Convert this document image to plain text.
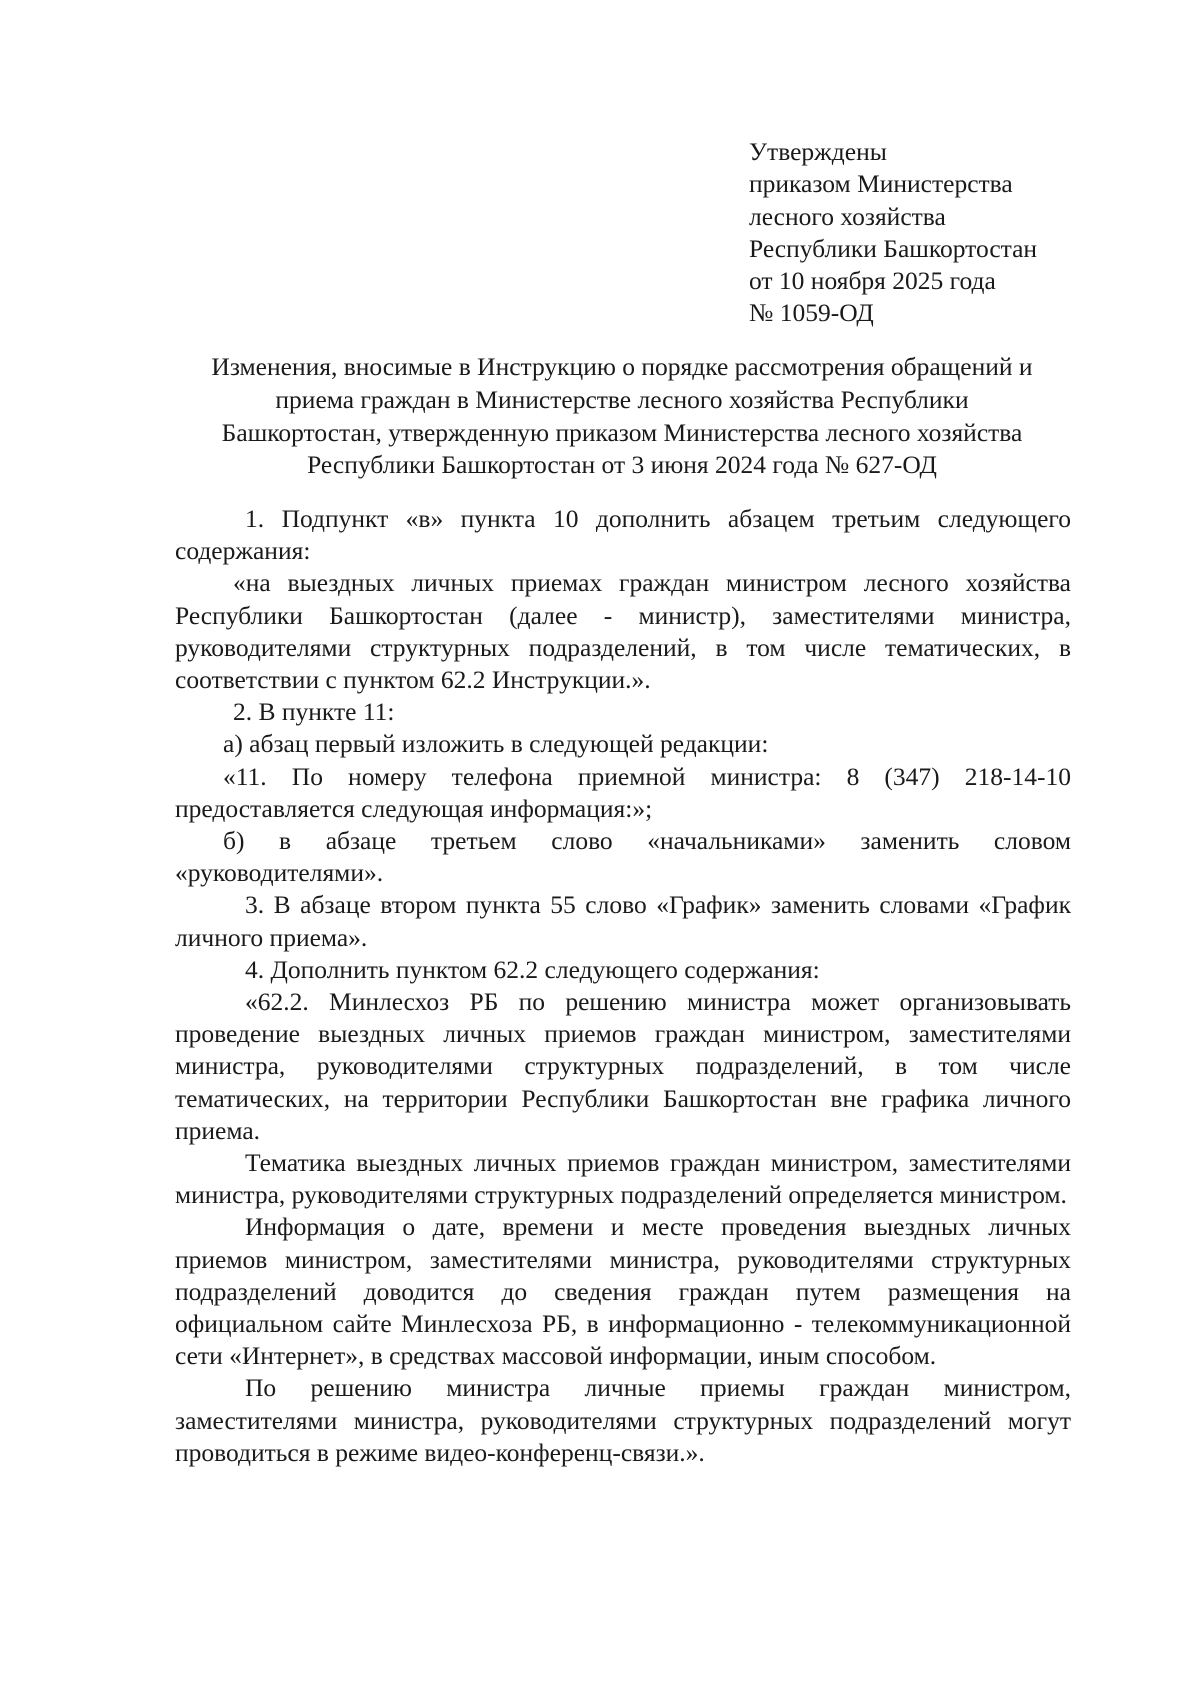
Утверждены
приказом Министерства
лесного хозяйства
Республики Башкортостан
от 10 ноября 2025 года
№ 1059-ОД
Изменения, вносимые в Инструкцию о порядке рассмотрения обращений и
приема граждан в Министерстве лесного хозяйства Республики
Башкортостан, утвержденную приказом Министерства лесного хозяйства
Республики Башкортостан от 3 июня 2024 года № 627-ОД

1. Подпункт «в» пункта 10 дополнить абзацем третьим следующего содержания:

«на выездных личных приемах граждан министром лесного хозяйства Республики Башкортостан (далее - министр), заместителями министра, руководителями структурных подразделений, в том числе тематических, в соответствии с пунктом 62.2 Инструкции.».

2. В пункте 11:

а) абзац первый изложить в следующей редакции:

«11. По номеру телефона приемной министра: 8 (347) 218-14-10 предоставляется следующая информация:»;

б) в абзаце третьем слово «начальниками» заменить словом «руководителями».

3. В абзаце втором пункта 55 слово «График» заменить словами «График личного приема».

4. Дополнить пунктом 62.2 следующего содержания:

«62.2. Минлесхоз РБ по решению министра может организовывать проведение выездных личных приемов граждан министром, заместителями министра, руководителями структурных подразделений, в том числе тематических, на территории Республики Башкортостан вне графика личного приема.

Тематика выездных личных приемов граждан министром, заместителями министра, руководителями структурных подразделений определяется министром.

Информация о дате, времени и месте проведения выездных личных приемов министром, заместителями министра, руководителями структурных подразделений доводится до сведения граждан путем размещения на официальном сайте Минлесхоза РБ, в информационно - телекоммуникационной сети «Интернет», в средствах массовой информации, иным способом.

По решению министра личные приемы граждан министром, заместителями министра, руководителями структурных подразделений могут проводиться в режиме видео-конференц-связи.».
